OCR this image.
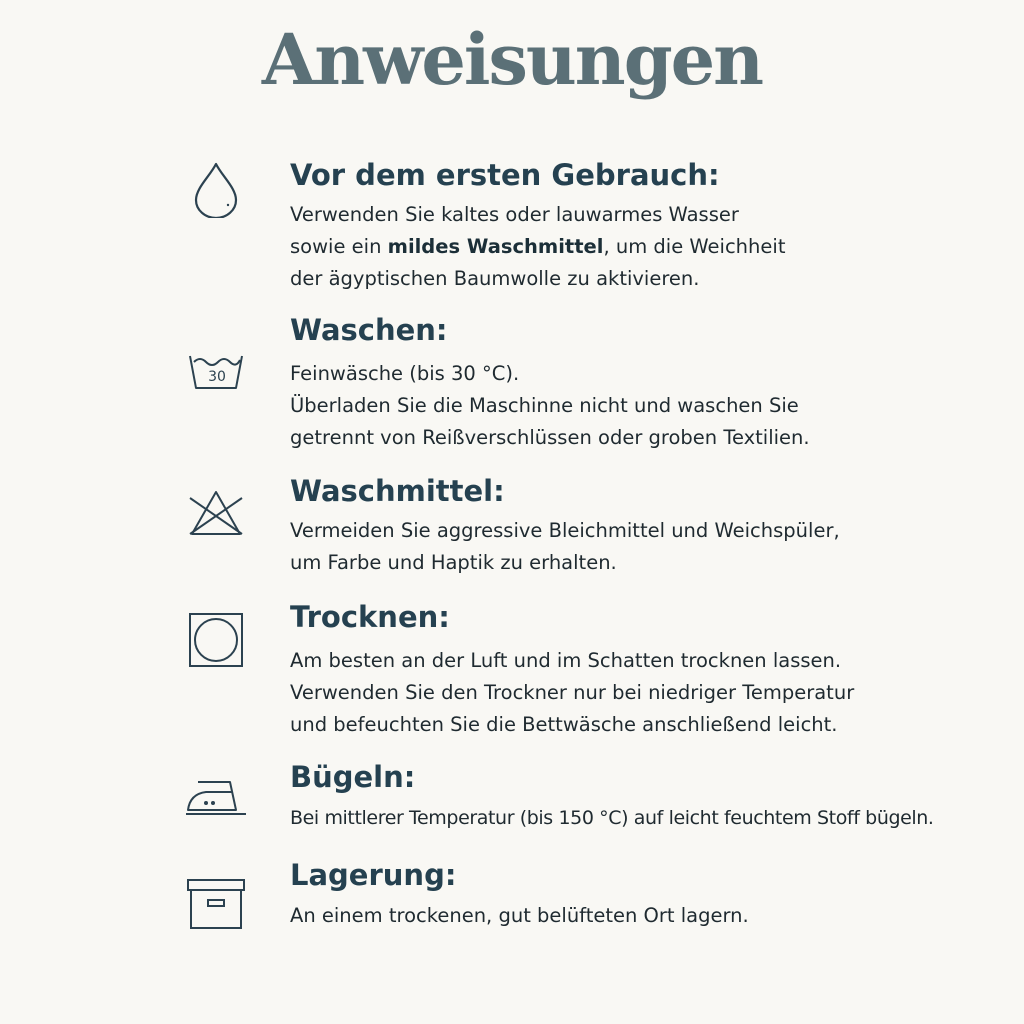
Anweisungen
Vor dem ersten Gebrauch:
Verwenden Sie kaltes oder lauwarmes Wasser
sowie ein mildes Waschmittel, um die Weichheit
der ägyptischen Baumwolle zu aktivieren.
30
Waschen:
Feinwäsche (bis 30 °C).
Überladen Sie die Maschinne nicht und waschen Sie
getrennt von Reißverschlüssen oder groben Textilien.
Waschmittel:
Vermeiden Sie aggressive Bleichmittel und Weichspüler,
um Farbe und Haptik zu erhalten.
Trocknen:
Am besten an der Luft und im Schatten trocknen lassen.
Verwenden Sie den Trockner nur bei niedriger Temperatur
und befeuchten Sie die Bettwäsche anschließend leicht.
Bügeln:
Bei mittlerer Temperatur (bis 150 °C) auf leicht feuchtem Stoff bügeln.
Lagerung:
An einem trockenen, gut belüfteten Ort lagern.
